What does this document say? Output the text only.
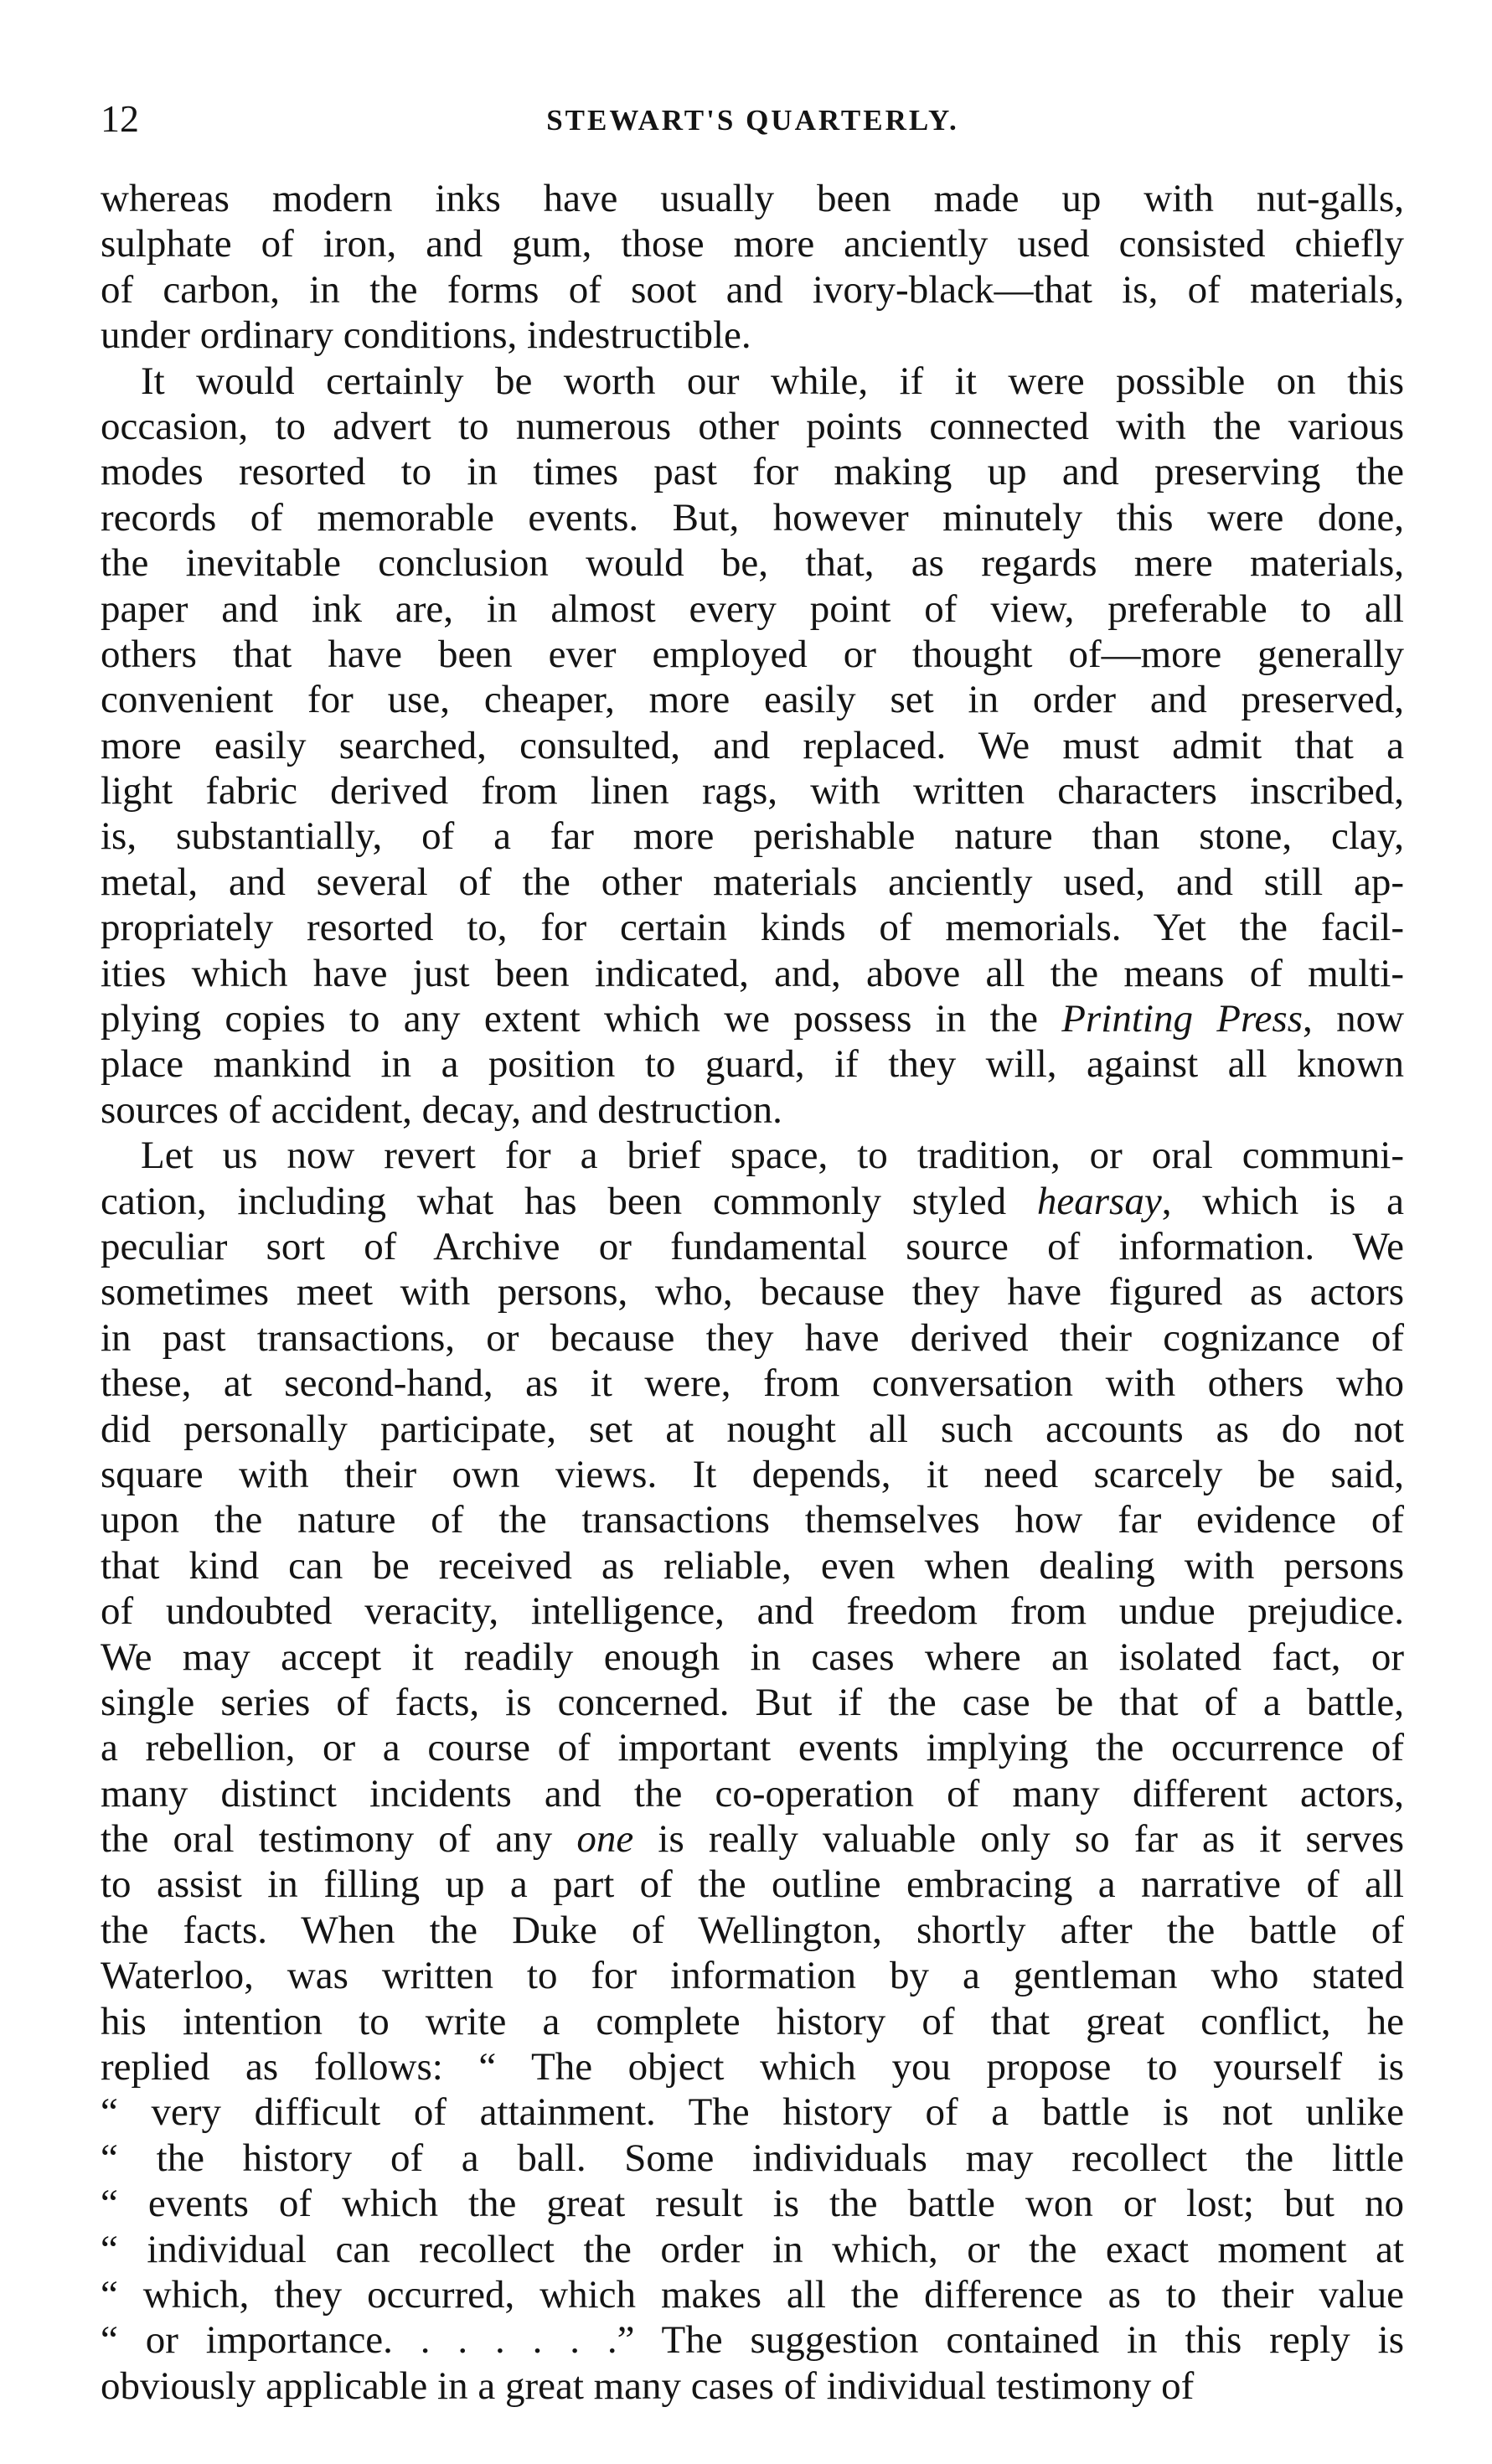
12	STEWART'S QUARTERLY.
whereas modern inks have usually been made up with nut-galls,
sulphate of iron, and gum, those more anciently used consisted chiefly
of carbon, in the forms of soot and ivory-black—that is, of materials,
under ordinary conditions, indestructible.
It would certainly be worth our while, if it were possible on this
occasion, to advert to numerous other points connected with the various
modes resorted to in times past for making up and preserving the
records of memorable events. But, however minutely this were done,
the inevitable conclusion would be, that, as regards mere materials,
paper and ink are, in almost every point of view, preferable to all
others that have been ever employed or thought of—more generally
convenient for use, cheaper, more easily set in order and preserved,
more easily searched, consulted, and replaced. We must admit that a
light fabric derived from linen rags, with written characters inscribed,
is, substantially, of a far more perishable nature than stone, clay,
metal, and several of the other materials anciently used, and still ap-
propriately resorted to, for certain kinds of memorials. Yet the facil-
ities which have just been indicated, and, above all the means of multi-
plying copies to any extent which we possess in the Printing Press, now
place mankind in a position to guard, if they will, against all known
sources of accident, decay, and destruction.
Let us now revert for a brief space, to tradition, or oral communi-
cation, including what has been commonly styled hearsay, which is a
peculiar sort of Archive or fundamental source of information. We
sometimes meet with persons, who, because they have figured as actors
in past transactions, or because they have derived their cognizance of
these, at second-hand, as it were, from conversation with others who
did personally participate, set at nought all such accounts as do not
square with their own views. It depends, it need scarcely be said,
upon the nature of the transactions themselves how far evidence of
that kind can be received as reliable, even when dealing with persons
of undoubted veracity, intelligence, and freedom from undue prejudice.
We may accept it readily enough in cases where an isolated fact, or
single series of facts, is concerned. But if the case be that of a battle,
a rebellion, or a course of important events implying the occurrence of
many distinct incidents and the co-operation of many different actors,
the oral testimony of any one is really valuable only so far as it serves
to assist in filling up a part of the outline embracing a narrative of all
the facts. When the Duke of Wellington, shortly after the battle of
Waterloo, was written to for information by a gentleman who stated
his intention to write a complete history of that great conflict, he
replied as follows: “ The object which you propose to yourself is
“ very difficult of attainment. The history of a battle is not unlike
“ the history of a ball. Some individuals may recollect the little
“ events of which the great result is the battle won or lost; but no
“ individual can recollect the order in which, or the exact moment at
“ which, they occurred, which makes all the difference as to their value
“ or importance. . . . . . .” The suggestion contained in this reply is
obviously applicable in a great many cases of individual testimony of
